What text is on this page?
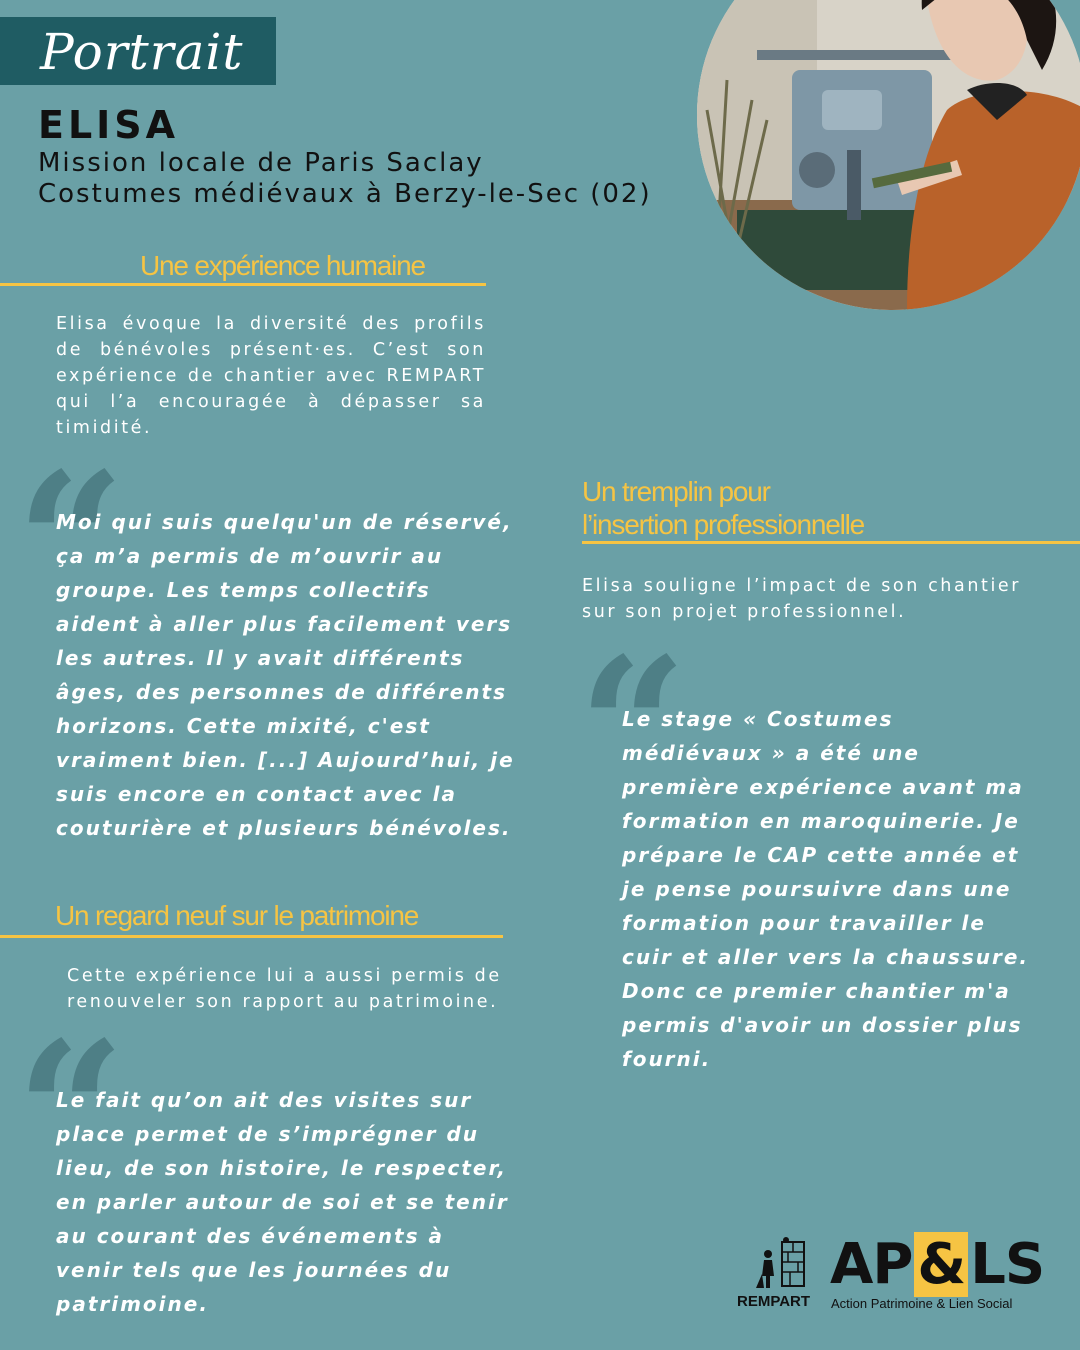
Portrait
ELISA
Mission locale de Paris Saclay
Costumes médiévaux à Berzy-le-Sec (02)
Une expérience humaine
Elisa évoque la diversité des profils de bénévoles présent·es. C’est son expérience de chantier avec REMPART qui l’a encouragée à dépasser sa timidité.
“
Moi qui suis quelqu'un de réservé, ça m’a permis de m’ouvrir au groupe. Les temps collectifs aident à aller plus facilement vers les autres. Il y avait différents âges, des personnes de différents horizons. Cette mixité, c'est vraiment bien. [...] Aujourd’hui, je suis encore en contact avec la couturière et plusieurs bénévoles.
Un tremplin pour
l’insertion professionnelle
Elisa souligne l’impact de son chantier sur son projet professionnel.
“
Le stage « Costumes médiévaux » a été une première expérience avant ma formation en maroquinerie. Je prépare le CAP cette année et je pense poursuivre dans une formation pour travailler le cuir et aller vers la chaussure. Donc ce premier chantier m'a permis d'avoir un dossier plus fourni.
Un regard neuf sur le patrimoine
Cette expérience lui a aussi permis de renouveler son rapport au patrimoine.
“
Le fait qu’on ait des visites sur place permet de s’imprégner du lieu, de son histoire, le respecter, en parler autour de soi et se tenir au courant des événements à venir tels que les journées du patrimoine.	REMPART
AP&LS
Action Patrimoine & Lien Social
